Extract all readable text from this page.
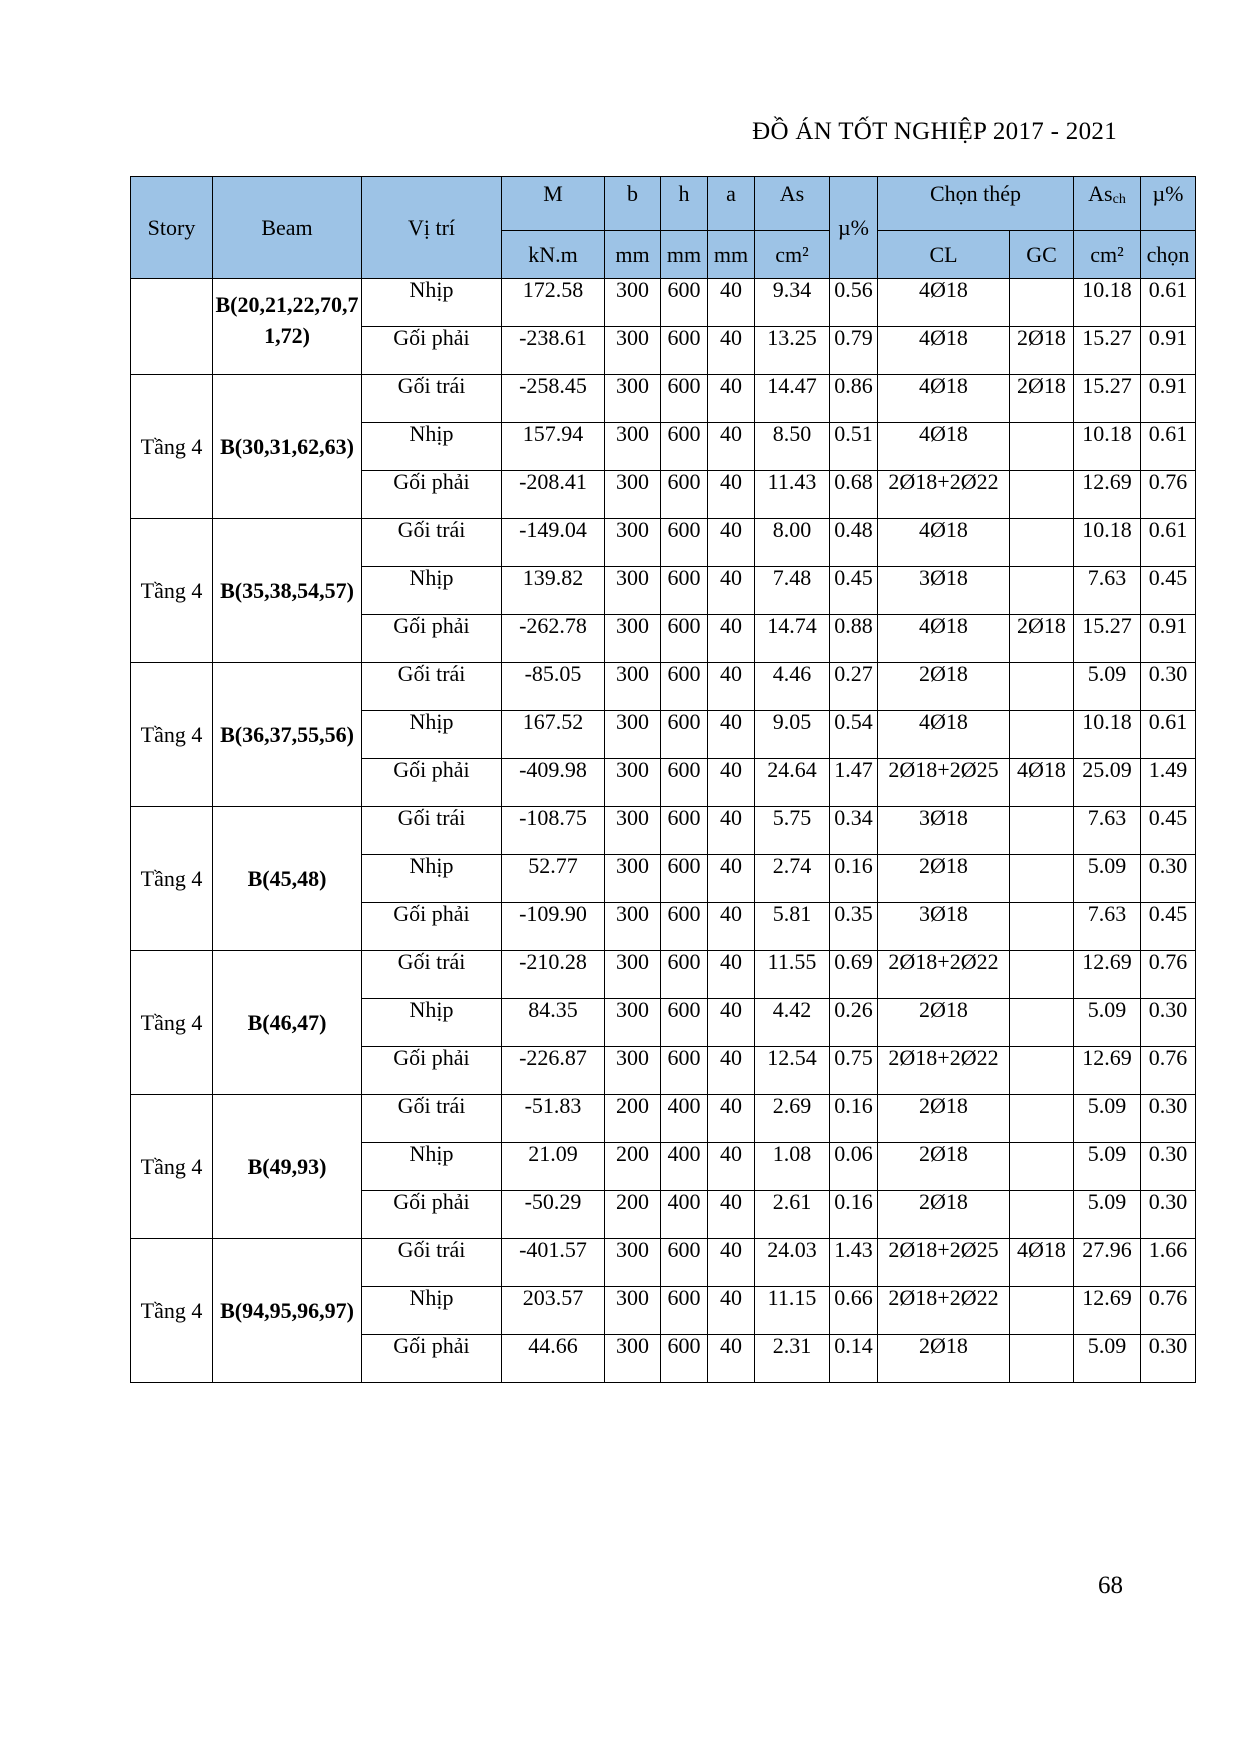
ĐỒ ÁN TỐT NGHIỆP 2017 - 2021
Story	Beam	Vị trí	M	b	h	a	As	µ%	Chọn thép		$As_{ch}$	µ%
			kN.m	mm	mm	mm	cm²		CL	GC	cm²	chọn
	B(20,21,22,70,71,72)	Nhịp	172.58	300	600	40	9.34	0.56	4Ø18		10.18	0.61
		Gối phải	-238.61	300	600	40	13.25	0.79	4Ø18	2Ø18	15.27	0.91
Tầng 4	B(30,31,62,63)	Gối trái	-258.45	300	600	40	14.47	0.86	4Ø18	2Ø18	15.27	0.91
		Nhịp	157.94	300	600	40	8.50	0.51	4Ø18		10.18	0.61
		Gối phải	-208.41	300	600	40	11.43	0.68	2Ø18+2Ø22		12.69	0.76
Tầng 4	B(35,38,54,57)	Gối trái	-149.04	300	600	40	8.00	0.48	4Ø18		10.18	0.61
		Nhịp	139.82	300	600	40	7.48	0.45	3Ø18		7.63	0.45
		Gối phải	-262.78	300	600	40	14.74	0.88	4Ø18	2Ø18	15.27	0.91
Tầng 4	B(36,37,55,56)	Gối trái	-85.05	300	600	40	4.46	0.27	2Ø18		5.09	0.30
		Nhịp	167.52	300	600	40	9.05	0.54	4Ø18		10.18	0.61
		Gối phải	-409.98	300	600	40	24.64	1.47	2Ø18+2Ø25	4Ø18	25.09	1.49
Tầng 4	B(45,48)	Gối trái	-108.75	300	600	40	5.75	0.34	3Ø18		7.63	0.45
		Nhịp	52.77	300	600	40	2.74	0.16	2Ø18		5.09	0.30
		Gối phải	-109.90	300	600	40	5.81	0.35	3Ø18		7.63	0.45
Tầng 4	B(46,47)	Gối trái	-210.28	300	600	40	11.55	0.69	2Ø18+2Ø22		12.69	0.76
		Nhịp	84.35	300	600	40	4.42	0.26	2Ø18		5.09	0.30
		Gối phải	-226.87	300	600	40	12.54	0.75	2Ø18+2Ø22		12.69	0.76
Tầng 4	B(49,93)	Gối trái	-51.83	200	400	40	2.69	0.16	2Ø18		5.09	0.30
		Nhịp	21.09	200	400	40	1.08	0.06	2Ø18		5.09	0.30
		Gối phải	-50.29	200	400	40	2.61	0.16	2Ø18		5.09	0.30
Tầng 4	B(94,95,96,97)	Gối trái	-401.57	300	600	40	24.03	1.43	2Ø18+2Ø25	4Ø18	27.96	1.66
		Nhịp	203.57	300	600	40	11.15	0.66	2Ø18+2Ø22		12.69	0.76
		Gối phải	44.66	300	600	40	2.31	0.14	2Ø18		5.09	0.30
68
